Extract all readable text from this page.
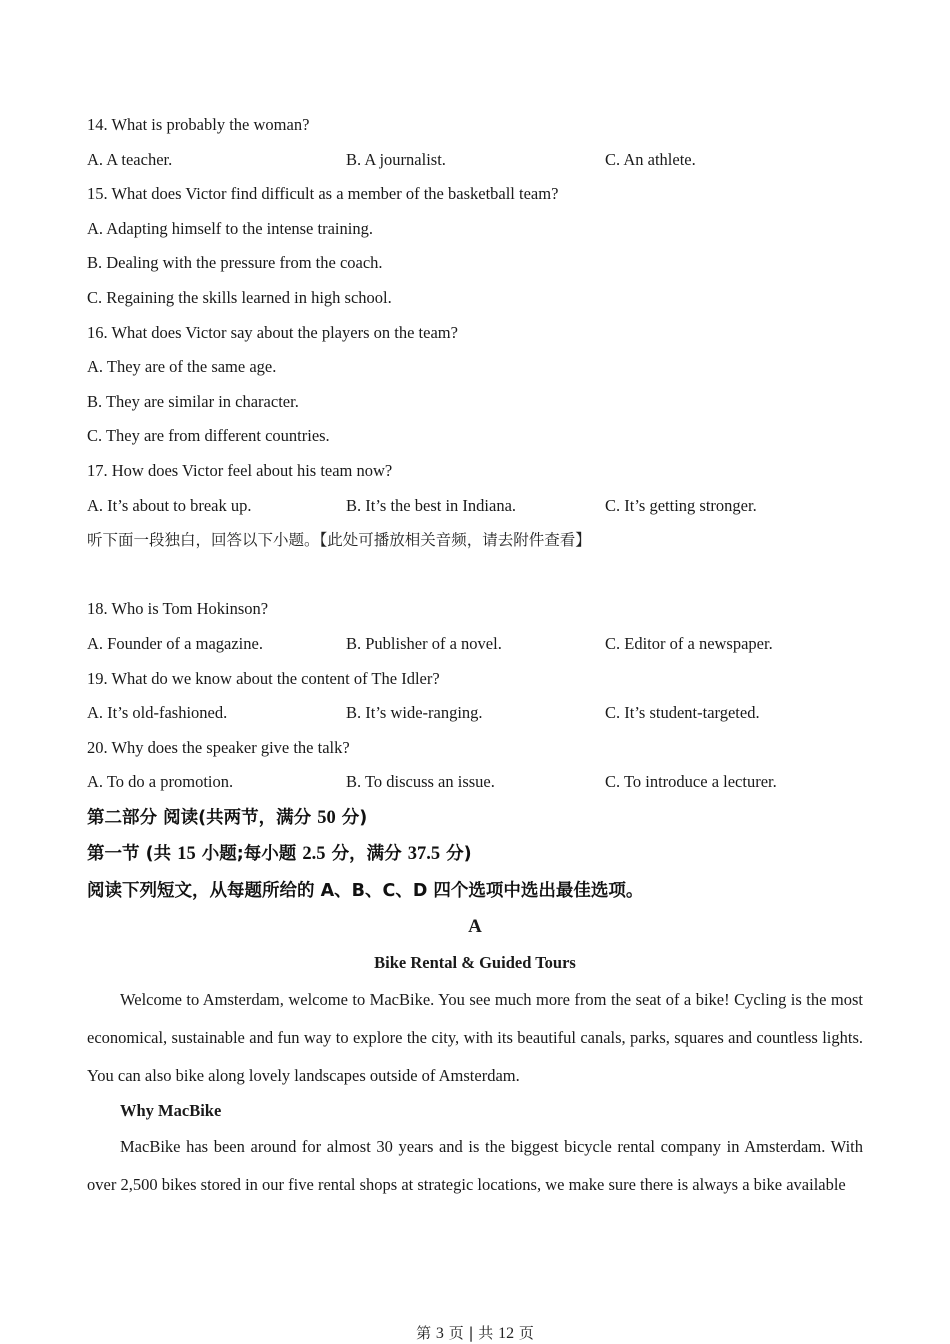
14. What is probably the woman?
A. A teacher.	B. A journalist.	C. An athlete.
15. What does Victor find difficult as a member of the basketball team?
A. Adapting himself to the intense training.
B. Dealing with the pressure from the coach.
C. Regaining the skills learned in high school.
16. What does Victor say about the players on the team?
A. They are of the same age.
B. They are similar in character.
C. They are from different countries.
17. How does Victor feel about his team now?
A. It’s about to break up.	B. It’s the best in Indiana.	C. It’s getting stronger.
听下面一段独白，回答以下小题。【此处可播放相关音频，请去附件查看】
18. Who is Tom Hokinson?
A. Founder of a magazine.	B. Publisher of a novel.	C. Editor of a newspaper.
19. What do we know about the content of The Idler?
A. It’s old-fashioned.	B. It’s wide-ranging.	C. It’s student-targeted.
20. Why does the speaker give the talk?
A. To do a promotion.	B. To discuss an issue.	C. To introduce a lecturer.
第二部分 阅读(共两节，满分 50 分)
第一节 (共 15 小题;每小题 2.5 分，满分 37.5 分)
阅读下列短文，从每题所给的 A、B、C、D 四个选项中选出最佳选项。
A
Bike Rental & Guided Tours

Welcome to Amsterdam, welcome to MacBike. You see much more from the seat of a bike! Cycling is the most economical, sustainable and fun way to explore the city, with its beautiful canals, parks, squares and countless lights. You can also bike along lovely landscapes outside of Amsterdam.

Why MacBike

MacBike has been around for almost 30 years and is the biggest bicycle rental company in Amsterdam. With over 2,500 bikes stored in our five rental shops at strategic locations, we make sure there is always a bike available

第 3 页 | 共 12 页
